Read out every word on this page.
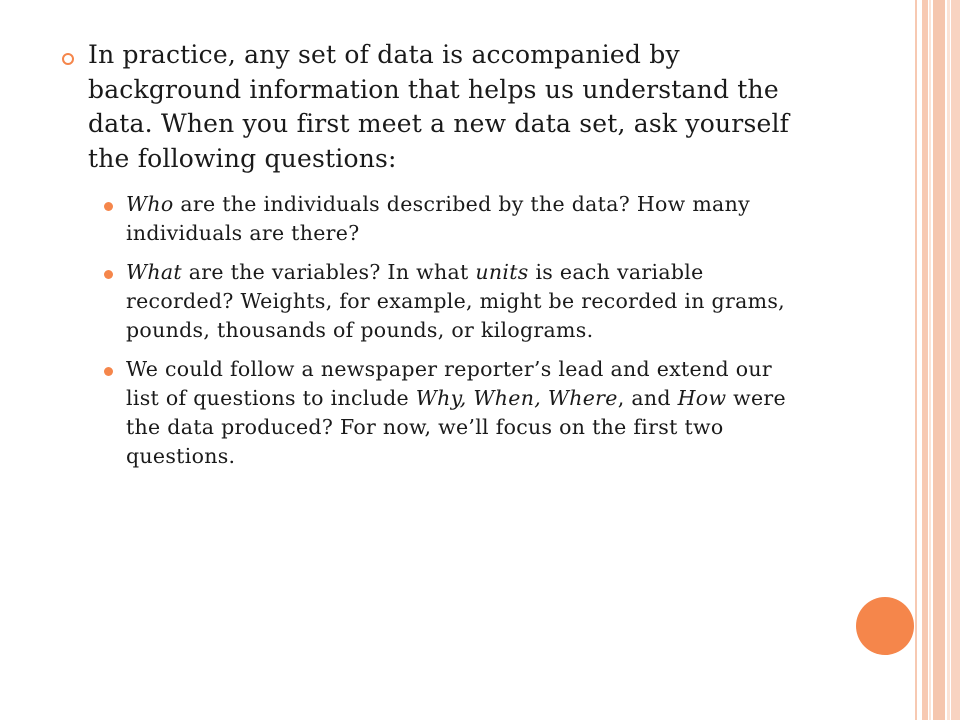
In practice, any set of data is accompanied by background information that helps us understand the data. When you first meet a new data set, ask yourself the following questions:
Who are the individuals described by the data? How many individuals are there?
What are the variables? In what units is each variable recorded? Weights, for example, might be recorded in grams, pounds, thousands of pounds, or kilograms.
We could follow a newspaper reporter’s lead and extend our list of questions to include Why, When, Where, and How were the data produced? For now, we’ll focus on the first two questions.
